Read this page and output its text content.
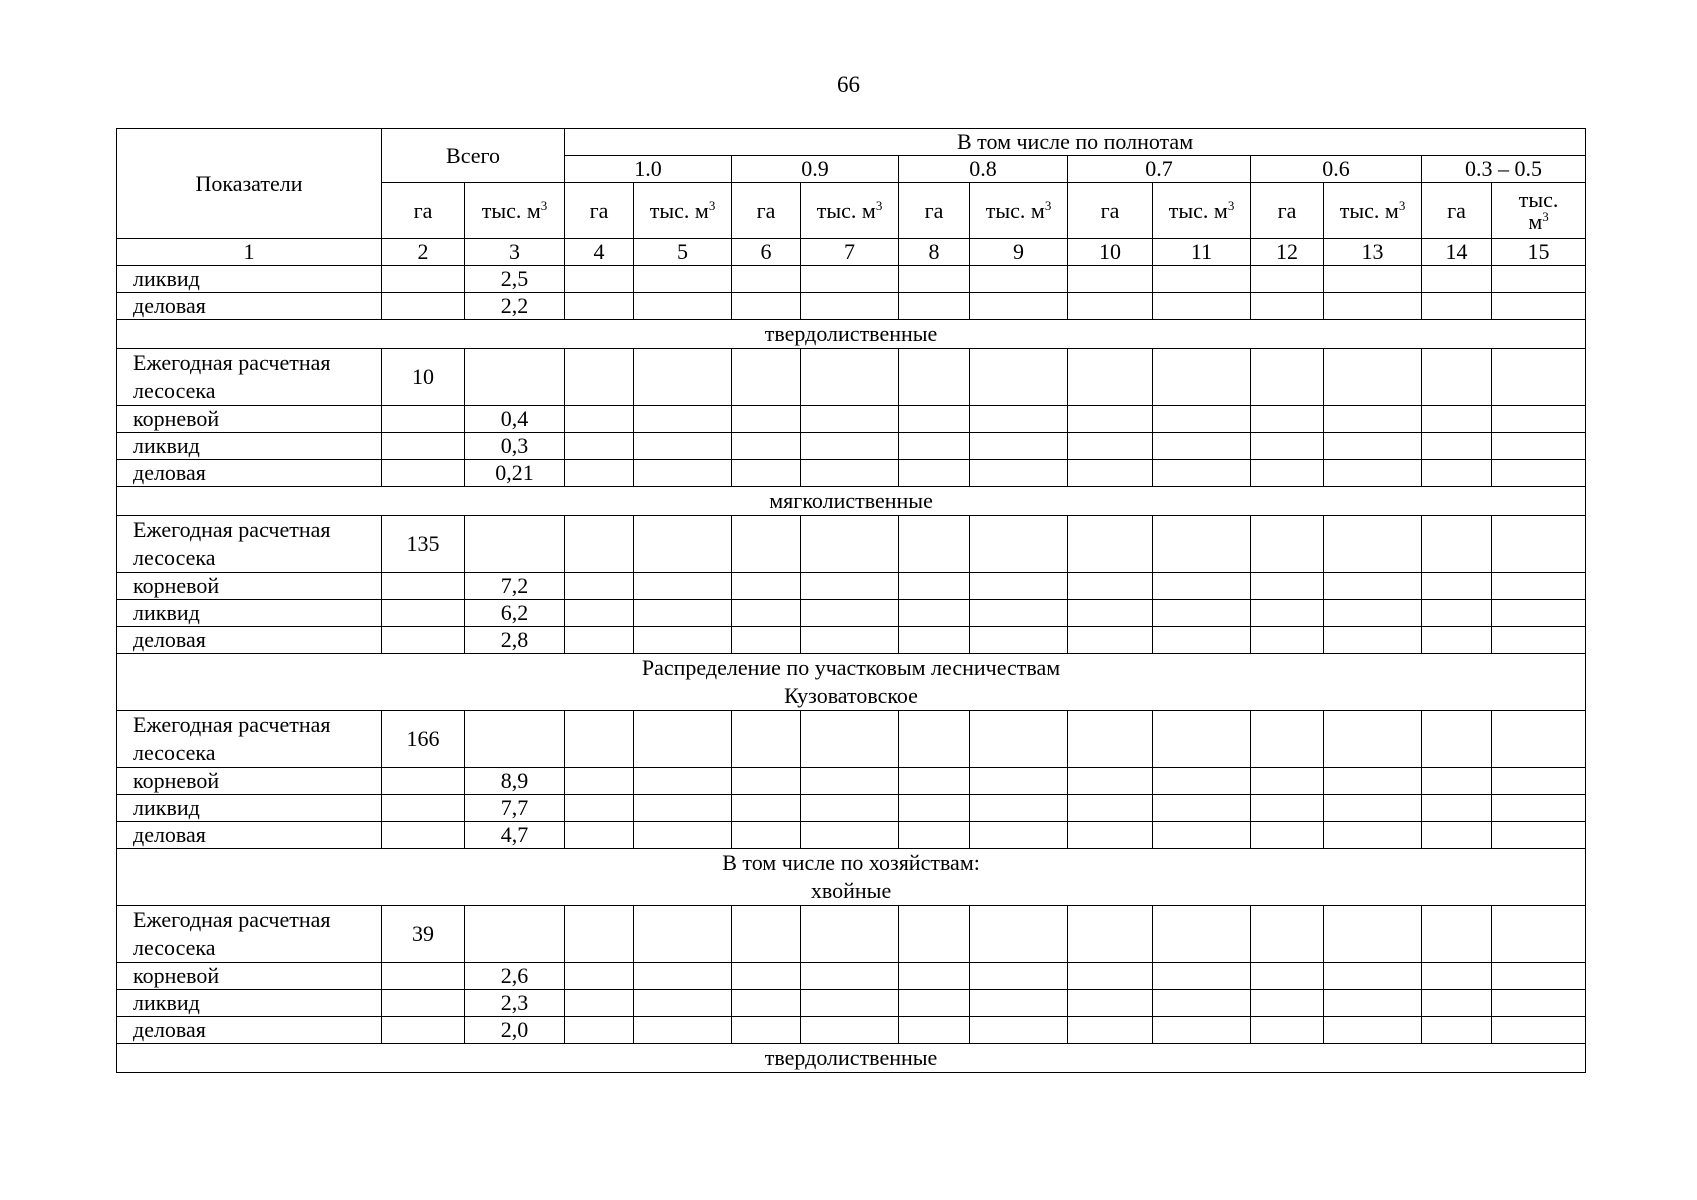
66
Показатели	Всего		В том числе по полнотам											
			1.0		0.9		0.8		0.7		0.6		0.3 – 0.5	
	га	тыс. $м^3$	га	тыс. $м^3$	га	тыс. $м^3$	га	тыс. $м^3$	га	тыс. $м^3$	га	тыс. $м^3$	га	тыс.
$м^3$
1	2	3	4	5	6	7	8	9	10	11	12	13	14	15
ликвид		2,5												
деловая		2,2												
твердолиственные														
Ежегодная расчетная лесосека	10													
корневой		0,4												
ликвид		0,3												
деловая		0,21												
мягколиственные														
Ежегодная расчетная лесосека	135													
корневой		7,2												
ликвид		6,2												
деловая		2,8												

Распределение по участковым лесничествам
Кузоватовское														

Ежегодная расчетная лесосека	166													
корневой		8,9												
ликвид		7,7												
деловая		4,7												

В том числе по хозяйствам:
хвойные														

Ежегодная расчетная лесосека	39													
корневой		2,6												
ликвид		2,3												
деловая		2,0												
твердолиственные														
